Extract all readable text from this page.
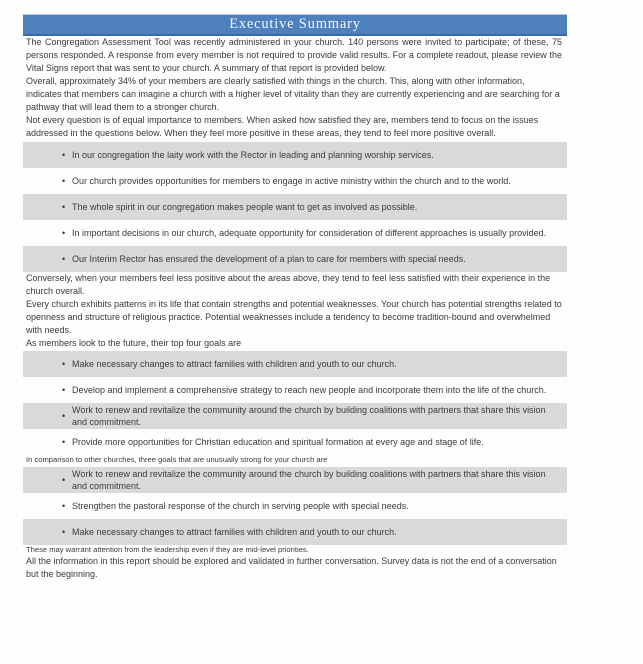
Executive Summary

The Congregation Assessment Tool was recently administered in your church. 140 persons were invited to participate; of these, 75 persons responded. A response from every member is not required to provide valid results. For a complete readout, please review the Vital Signs report that was sent to your church. A summary of that report is provided below.

Overall, approximately 34% of your members are clearly satisfied with things in the church. This, along with other information, indicates that members can imagine a church with a higher level of vitality than they are currently experiencing and are searching for a pathway that will lead them to a stronger church.

Not every question is of equal importance to members. When asked how satisfied they are, members tend to focus on the issues addressed in the questions below. When they feel more positive in these areas, they tend to feel more positive overall.

• In our congregation the laity work with the Rector in leading and planning worship services.
• Our church provides opportunities for members to engage in active ministry within the church and to the world.
• The whole spirit in our congregation makes people want to get as involved as possible.
• In important decisions in our church, adequate opportunity for consideration of different approaches is usually provided.
• Our Interim Rector has ensured the development of a plan to care for members with special needs.

Conversely, when your members feel less positive about the areas above, they tend to feel less satisfied with their experience in the church overall.

Every church exhibits patterns in its life that contain strengths and potential weaknesses. Your church has potential strengths related to openness and structure of religious practice. Potential weaknesses include a tendency to become tradition-bound and overwhelmed with needs.

As members look to the future, their top four goals are

• Make necessary changes to attract families with children and youth to our church.
• Develop and implement a comprehensive strategy to reach new people and incorporate them into the life of the church.
•
Work to renew and revitalize the community around the church by building coalitions with partners that share this vision and commitment.
• Provide more opportunities for Christian education and spiritual formation at every age and stage of life.

In comparison to other churches, three goals that are unusually strong for your church are

•
Work to renew and revitalize the community around the church by building coalitions with partners that share this vision and commitment.
• Strengthen the pastoral response of the church in serving people with special needs.
• Make necessary changes to attract families with children and youth to our church.

These may warrant attention from the leadership even if they are mid-level priorities.

All the information in this report should be explored and validated in further conversation. Survey data is not the end of a conversation but the beginning.
